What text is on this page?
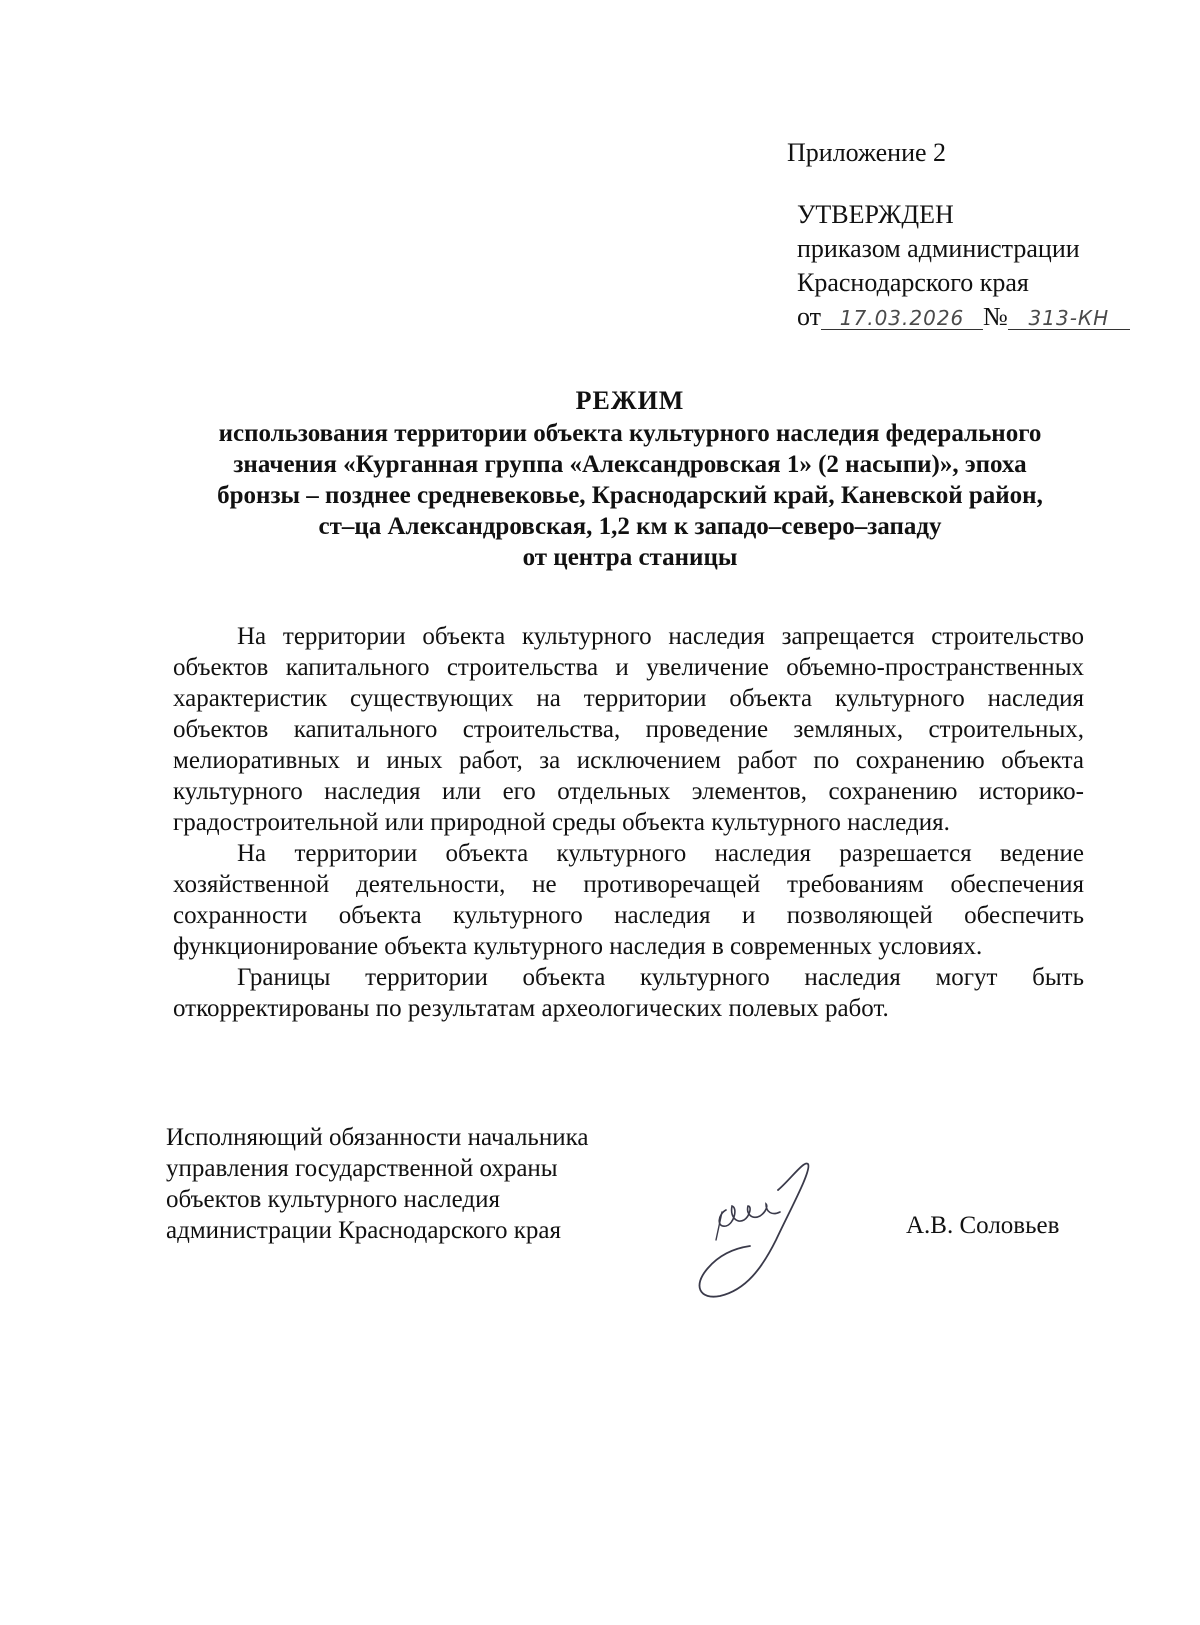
Приложение 2
УТВЕРЖДЕН
приказом администрации
Краснодарского края
от 17.03.2026 № 313-КН
РЕЖИМ
использования территории объекта культурного наследия федерального
значения «Курганная группа «Александровская 1» (2 насыпи)», эпоха
бронзы – позднее средневековье, Краснодарский край, Каневской район,
ст–ца Александровская, 1,2 км к западо–северо–западу
от центра станицы

На территории объекта культурного наследия запрещается строительство объектов капитального строительства и увеличение объемно-пространственных характеристик существующих на территории объекта культурного наследия объектов капитального строительства, проведение земляных, строительных, мелиоративных и иных работ, за исключением работ по сохранению объекта культурного наследия или его отдельных элементов, сохранению историко-градостроительной или природной среды объекта культурного наследия.

На территории объекта культурного наследия разрешается ведение хозяйственной деятельности, не противоречащей требованиям обеспечения сохранности объекта культурного наследия и позволяющей обеспечить функционирование объекта культурного наследия в современных условиях.

Границы территории объекта культурного наследия могут быть откорректированы по результатам археологических полевых работ.

Исполняющий обязанности начальника
управления государственной охраны
объектов культурного наследия
администрации Краснодарского края	А.В. Соловьев
